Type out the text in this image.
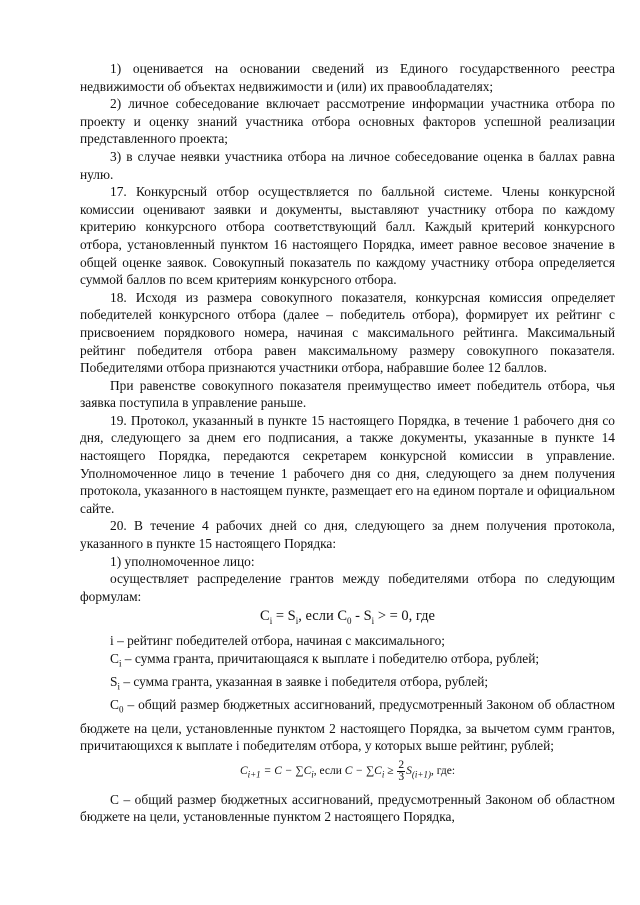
1) оценивается на основании сведений из Единого государственного реестра недвижимости об объектах недвижимости и (или) их правообладателях;

2) личное собеседование включает рассмотрение информации участника отбора по проекту и оценку знаний участника отбора основных факторов успешной реализации представленного проекта;

3) в случае неявки участника отбора на личное собеседование оценка в баллах равна нулю.

17. Конкурсный отбор осуществляется по балльной системе. Члены конкурсной комиссии оценивают заявки и документы, выставляют участнику отбора по каждому критерию конкурсного отбора соответствующий балл. Каждый критерий конкурсного отбора, установленный пунктом 16 настоящего Порядка, имеет равное весовое значение в общей оценке заявок. Совокупный показатель по каждому участнику отбора определяется суммой баллов по всем критериям конкурсного отбора.

18. Исходя из размера совокупного показателя, конкурсная комиссия определяет победителей конкурсного отбора (далее – победитель отбора), формирует их рейтинг с присвоением порядкового номера, начиная с максимального рейтинга. Максимальный рейтинг победителя отбора равен максимальному размеру совокупного показателя. Победителями отбора признаются участники отбора, набравшие более 12 баллов.

При равенстве совокупного показателя преимущество имеет победитель отбора, чья заявка поступила в управление раньше.

19. Протокол, указанный в пункте 15 настоящего Порядка, в течение 1 рабочего дня со дня, следующего за днем его подписания, а также документы, указанные в пункте 14 настоящего Порядка, передаются секретарем конкурсной комиссии в управление. Уполномоченное лицо в течение 1 рабочего дня со дня, следующего за днем получения протокола, указанного в настоящем пункте, размещает его на едином портале и официальном сайте.

20. В течение 4 рабочих дней со дня, следующего за днем получения протокола, указанного в пункте 15 настоящего Порядка:

1) уполномоченное лицо:

осуществляет распределение грантов между победителями отбора по следующим формулам:

$C_i = S_i$, если $C_0 - S_i$ > = 0, где

i – рейтинг победителей отбора, начиная с максимального;

$C_i$ – сумма гранта, причитающаяся к выплате i победителю отбора, рублей;

$S_i$ – сумма гранта, указанная в заявке i победителя отбора, рублей;

$C_0$ – общий размер бюджетных ассигнований, предусмотренный Законом об областном бюджете на цели, установленные пунктом 2 настоящего Порядка, за вычетом сумм грантов, причитающихся к выплате i победителям отбора, у которых выше рейтинг, рублей;

$C_{i+1} = C - \sum C_i$, если $C - \sum C_i \ge \frac{2}{3} S_{(i+1)}$, где:

C – общий размер бюджетных ассигнований, предусмотренный Законом об областном бюджете на цели, установленные пунктом 2 настоящего Порядка,
